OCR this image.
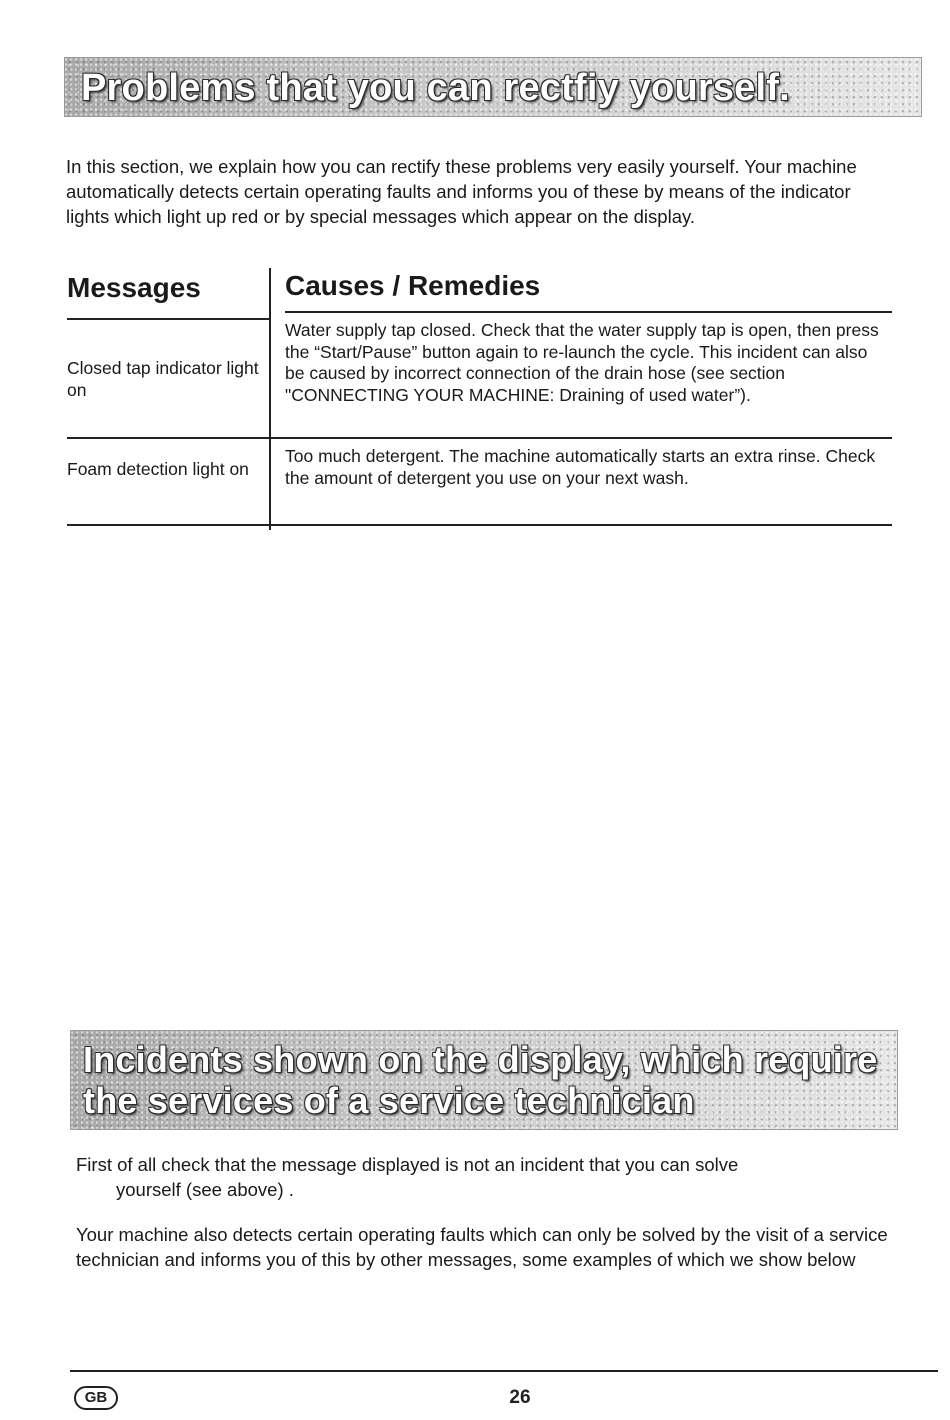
Problems that you can rectfiy yourself.
In this section, we explain how you can rectify these problems very easily yourself. Your machine automatically detects certain operating faults and informs you of these by means of the indicator lights which light up red or by special messages which appear on the display.
Messages	Causes / Remedies
Closed tap indicator light on
Water supply tap closed. Check that the water supply tap is open, then press the “Start/Pause” button again to re-launch the cycle. This incident can also be caused by incorrect connection of the drain hose (see section "CONNECTING YOUR MACHINE: Draining of used water”).
Foam detection light on
Too much detergent. The machine automatically starts an extra rinse. Check the amount of detergent you use on your next wash.
Incidents shown on the display, which require the services of a service technician
First of all check that the message displayed is not an incident that you can solve
yourself (see above) .
Your machine also detects certain operating faults which can only be solved by the visit of a service technician and informs you of this by other messages, some examples of which we show below
GB	26
